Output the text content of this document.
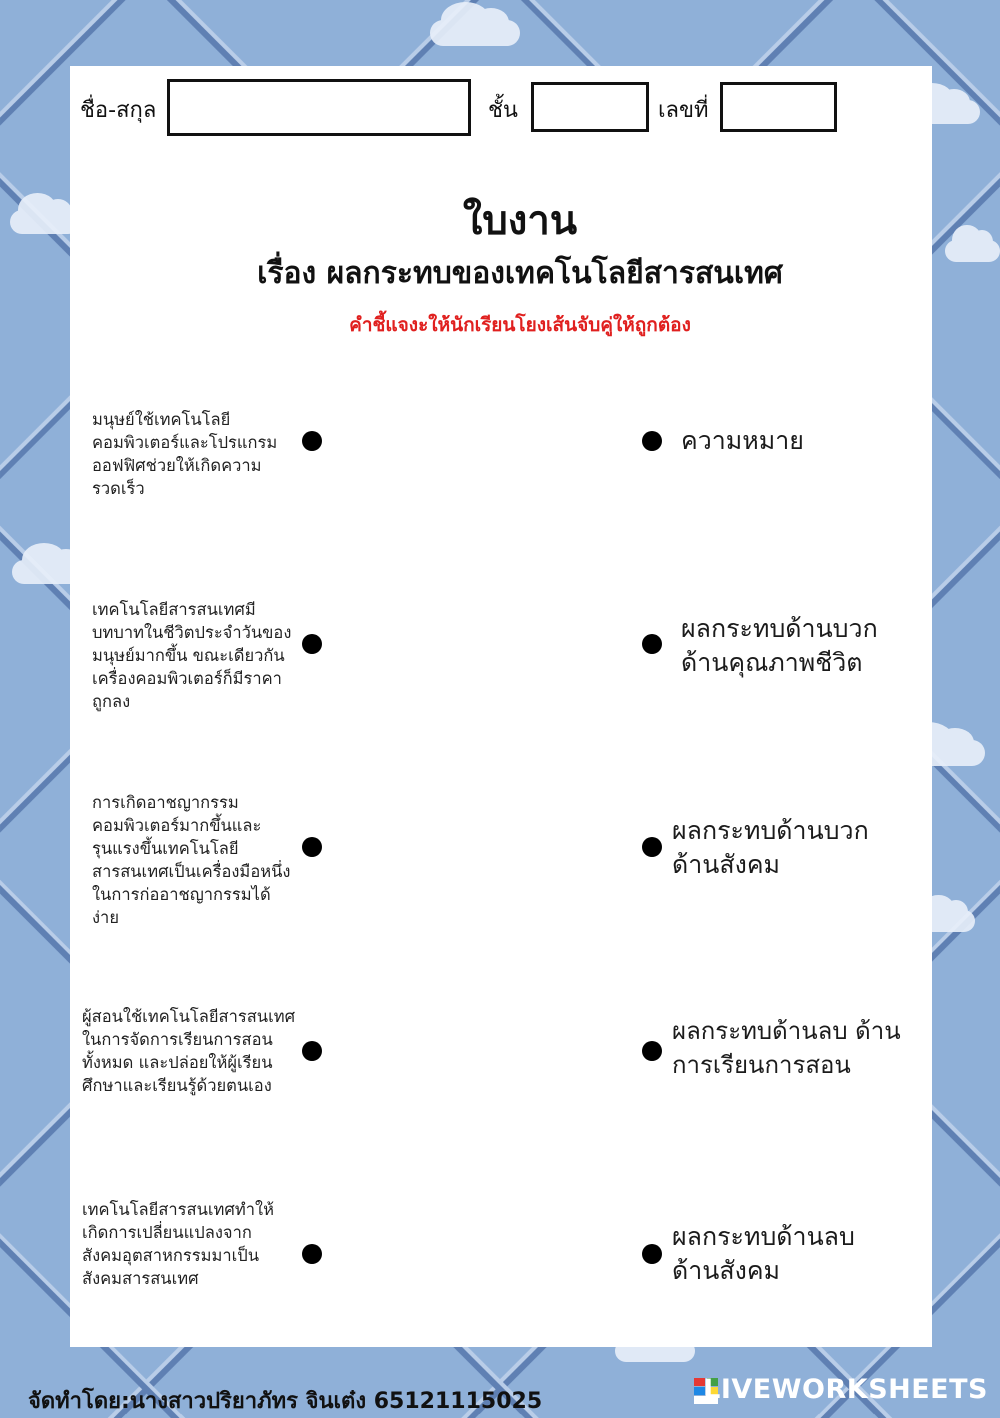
ชื่อ-สกุล	ชั้น	เลขที่
ใบงาน
เรื่อง ผลกระทบของเทคโนโลยีสารสนเทศ
คำชี้แจงะให้นักเรียนโยงเส้นจับคู่ให้ถูกต้อง
มนุษย์ใช้เทคโนโลยีคอมพิวเตอร์และโปรแกรมออฟฟิศช่วยให้เกิดความรวดเร็ว
เทคโนโลยีสารสนเทศมีบทบาทในชีวิตประจำวันของมนุษย์มากขึ้น ขณะเดียวกันเครื่องคอมพิวเตอร์ก็มีราคาถูกลง
การเกิดอาชญากรรมคอมพิวเตอร์มากขึ้นและรุนแรงขึ้นเทคโนโลยีสารสนเทศเป็นเครื่องมือหนึ่งในการก่ออาชญากรรมได้ง่าย
ผู้สอนใช้เทคโนโลยีสารสนเทศในการจัดการเรียนการสอนทั้งหมด และปล่อยให้ผู้เรียนศึกษาและเรียนรู้ด้วยตนเอง
เทคโนโลยีสารสนเทศทำให้เกิดการเปลี่ยนแปลงจากสังคมอุตสาหกรรมมาเป็นสังคมสารสนเทศ
ความหมาย
ผลกระทบด้านบวก ด้านคุณภาพชีวิต
ผลกระทบด้านบวก ด้านสังคม
ผลกระทบด้านลบ ด้านการเรียนการสอน
ผลกระทบด้านลบ ด้านสังคม
จัดทำโดย:นางสาวปริยาภัทร จินเต๋ง 65121115025	LIVEWORKSHEETS
